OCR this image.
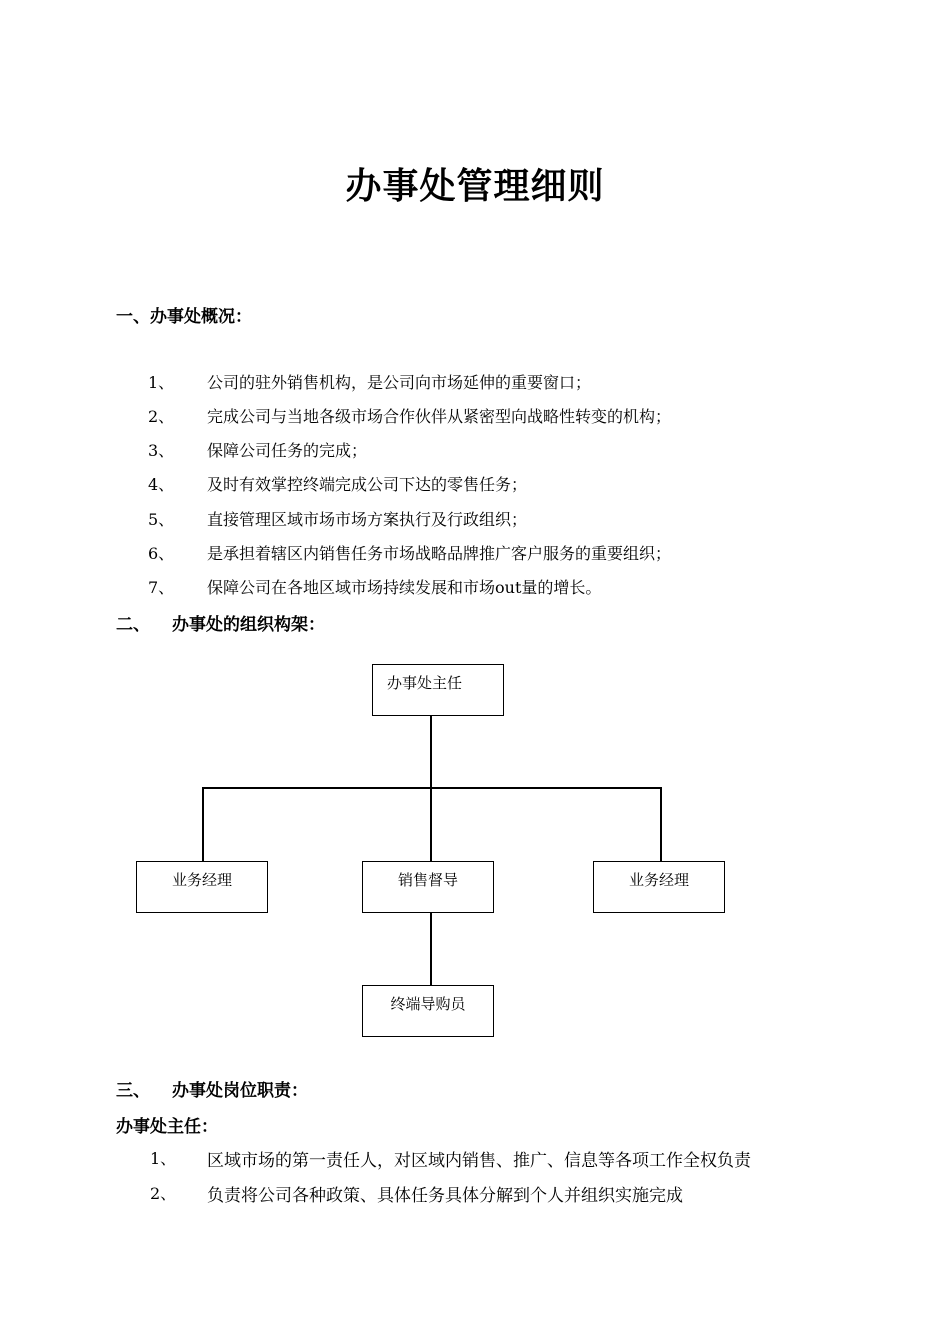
办事处管理细则
一、办事处概况：
1、 公司的驻外销售机构，是公司向市场延伸的重要窗口；
2、 完成公司与当地各级市场合作伙伴从紧密型向战略性转变的机构；
3、 保障公司任务的完成；
4、 及时有效掌控终端完成公司下达的零售任务；
5、 直接管理区域市场市场方案执行及行政组织；
6、 是承担着辖区内销售任务市场战略品牌推广客户服务的重要组织；
7、 保障公司在各地区域市场持续发展和市场out量的增长。
二、 办事处的组织构架：
办事处主任
业务经理	销售督导	业务经理
终端导购员
三、 办事处岗位职责：
办事处主任：
1、 区域市场的第一责任人，对区域内销售、推广、信息等各项工作全权负责
2、 负责将公司各种政策、具体任务具体分解到个人并组织实施完成
